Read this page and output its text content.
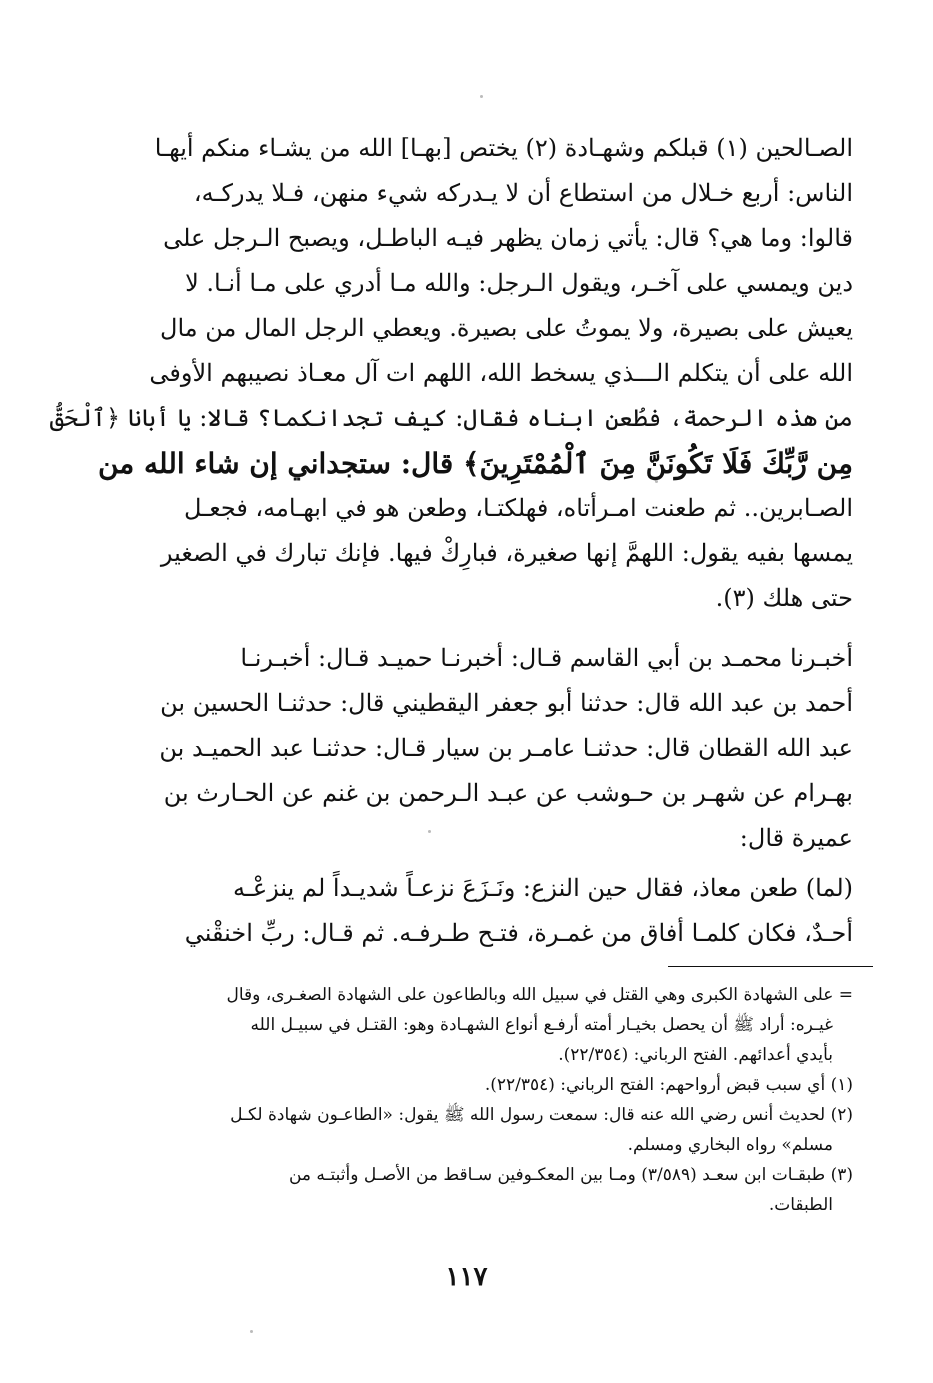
الصـالحين (١) قبلكم وشهـادة (٢) يختص [بهـا] الله من يشـاء منكم أيهـا
الناس: أربع خـلال من استطاع أن لا يـدركه شيء منهن، فـلا يدركـه،
قالوا: وما هي؟ قال: يأتي زمان يظهر فيـه الباطـل، ويصبح الـرجل على
دين ويمسي على آخـر، ويقول الـرجل: والله مـا أدري على مـا أنـا. لا
يعيش على بصيرة، ولا يموتُ على بصيرة. ويعطي الرجل المال من مال
الله على أن يتكلم الـــذي يسخط الله، اللهم ات آل معـاذ نصيبهم الأوفى
من هذه الرحمة، فطُعن ابناه فقال: كيف تجدانكما؟ قالا: يا أبانا ﴿ٱلْحَقُّ
مِن رَّبِّكَ فَلَا تَكُونَنَّ مِنَ ٱلْمُمْتَرِينَ﴾ قال: ستجداني إن شاء الله من
الصـابرين.. ثم طعنت امـرأتاه، فهلكتـا، وطعن هو في ابهـامه، فجعـل
يمسها بفيه يقول: اللهمَّ إنها صغيرة، فبارِكْ فيها. فإنك تبارك في الصغير
حتى هلك (٣).
أخبـرنا محمـد بن أبي القاسم قـال: أخبرنـا حميـد قـال: أخبـرنـا
أحمد بن عبد الله قال: حدثنا أبو جعفر اليقطيني قال: حدثنـا الحسين بن
عبد الله القطان قال: حدثنـا عامـر بن سيار قـال: حدثنـا عبد الحميـد بن
بهـرام عن شهـر بن حـوشب عن عبـد الـرحمن بن غنم عن الحـارث بن
عميرة قال:
(لما) طعن معاذ، فقال حين النزع: ونَـزَعَ نزعـاً شديـداً لم ينزعْـه
أحـدٌ، فكان كلمـا أفاق من غمـرة، فتـح طـرفـه. ثم قـال: ربِّ اخنقْني
= على الشهادة الكبرى وهي القتل في سبيل الله وبالطاعون على الشهادة الصغـرى، وقال
غيـره: أراد ﷺ أن يحصل بخيـار أمته أرفـع أنواع الشهـادة وهو: القتـل في سبيـل الله
بأيدي أعدائهم. الفتح الرباني: (٢٢/٣٥٤).
(١) أي سبب قبض أرواحهم: الفتح الرباني: (٢٢/٣٥٤).
(٢) لحديث أنس رضي الله عنه قال: سمعت رسول الله ﷺ يقول: «الطاعـون شهادة لكـل
مسلم» رواه البخاري ومسلم.
(٣) طبقـات ابن سعـد (٣/٥٨٩) ومـا بين المعكـوفين سـاقط من الأصـل وأثبتـه من
الطبقات.
١١٧
